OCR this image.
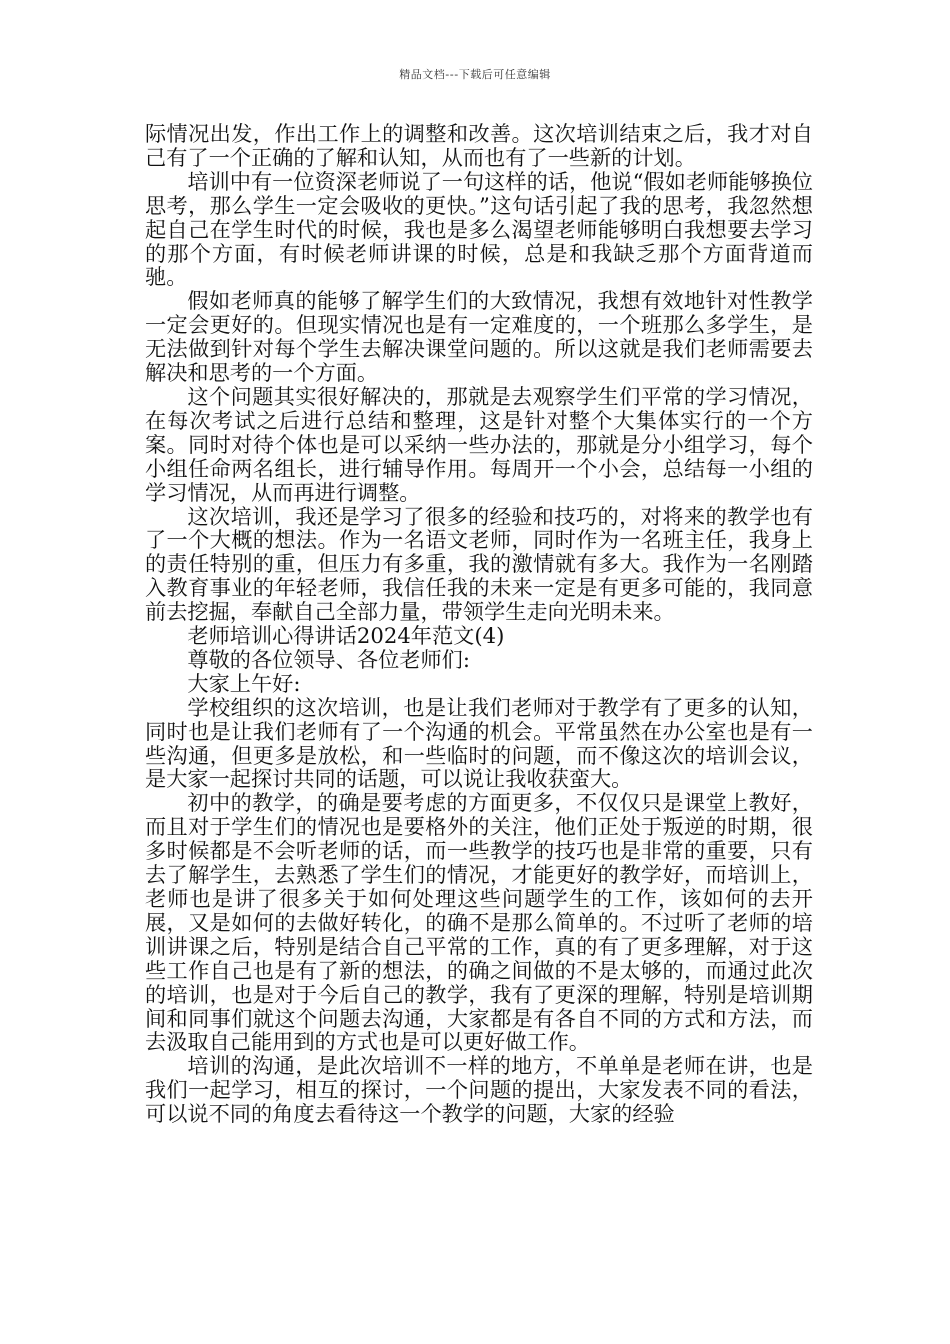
精品文档---下载后可任意编辑

际情况出发，作出工作上的调整和改善。这次培训结束之后，我才对自己有了一个正确的了解和认知，从而也有了一些新的计划。

培训中有一位资深老师说了一句这样的话，他说“假如老师能够换位思考，那么学生一定会吸收的更快。”这句话引起了我的思考，我忽然想起自己在学生时代的时候，我也是多么渴望老师能够明白我想要去学习的那个方面，有时候老师讲课的时候，总是和我缺乏那个方面背道而驰。

假如老师真的能够了解学生们的大致情况，我想有效地针对性教学一定会更好的。但现实情况也是有一定难度的，一个班那么多学生，是无法做到针对每个学生去解决课堂问题的。所以这就是我们老师需要去解决和思考的一个方面。

这个问题其实很好解决的，那就是去观察学生们平常的学习情况，在每次考试之后进行总结和整理，这是针对整个大集体实行的一个方案。同时对待个体也是可以采纳一些办法的，那就是分小组学习，每个小组任命两名组长，进行辅导作用。每周开一个小会，总结每一小组的学习情况，从而再进行调整。

这次培训，我还是学习了很多的经验和技巧的，对将来的教学也有了一个大概的想法。作为一名语文老师，同时作为一名班主任，我身上的责任特别的重，但压力有多重，我的激情就有多大。我作为一名刚踏入教育事业的年轻老师，我信任我的未来一定是有更多可能的，我同意前去挖掘，奉献自己全部力量，带领学生走向光明未来。

老师培训心得讲话2024年范文(4)

尊敬的各位领导、各位老师们:

大家上午好:

学校组织的这次培训，也是让我们老师对于教学有了更多的认知，同时也是让我们老师有了一个沟通的机会。平常虽然在办公室也是有一些沟通，但更多是放松，和一些临时的问题，而不像这次的培训会议，是大家一起探讨共同的话题，可以说让我收获蛮大。

初中的教学，的确是要考虑的方面更多，不仅仅只是课堂上教好，而且对于学生们的情况也是要格外的关注，他们正处于叛逆的时期，很多时候都是不会听老师的话，而一些教学的技巧也是非常的重要，只有去了解学生，去熟悉了学生们的情况，才能更好的教学好，而培训上，老师也是讲了很多关于如何处理这些问题学生的工作，该如何的去开展，又是如何的去做好转化，的确不是那么简单的。不过听了老师的培训讲课之后，特别是结合自己平常的工作，真的有了更多理解，对于这些工作自己也是有了新的想法，的确之间做的不是太够的，而通过此次的培训，也是对于今后自己的教学，我有了更深的理解，特别是培训期间和同事们就这个问题去沟通，大家都是有各自不同的方式和方法，而去汲取自己能用到的方式也是可以更好做工作。

培训的沟通，是此次培训不一样的地方，不单单是老师在讲，也是我们一起学习，相互的探讨，一个问题的提出，大家发表不同的看法，可以说不同的角度去看待这一个教学的问题，大家的经验
